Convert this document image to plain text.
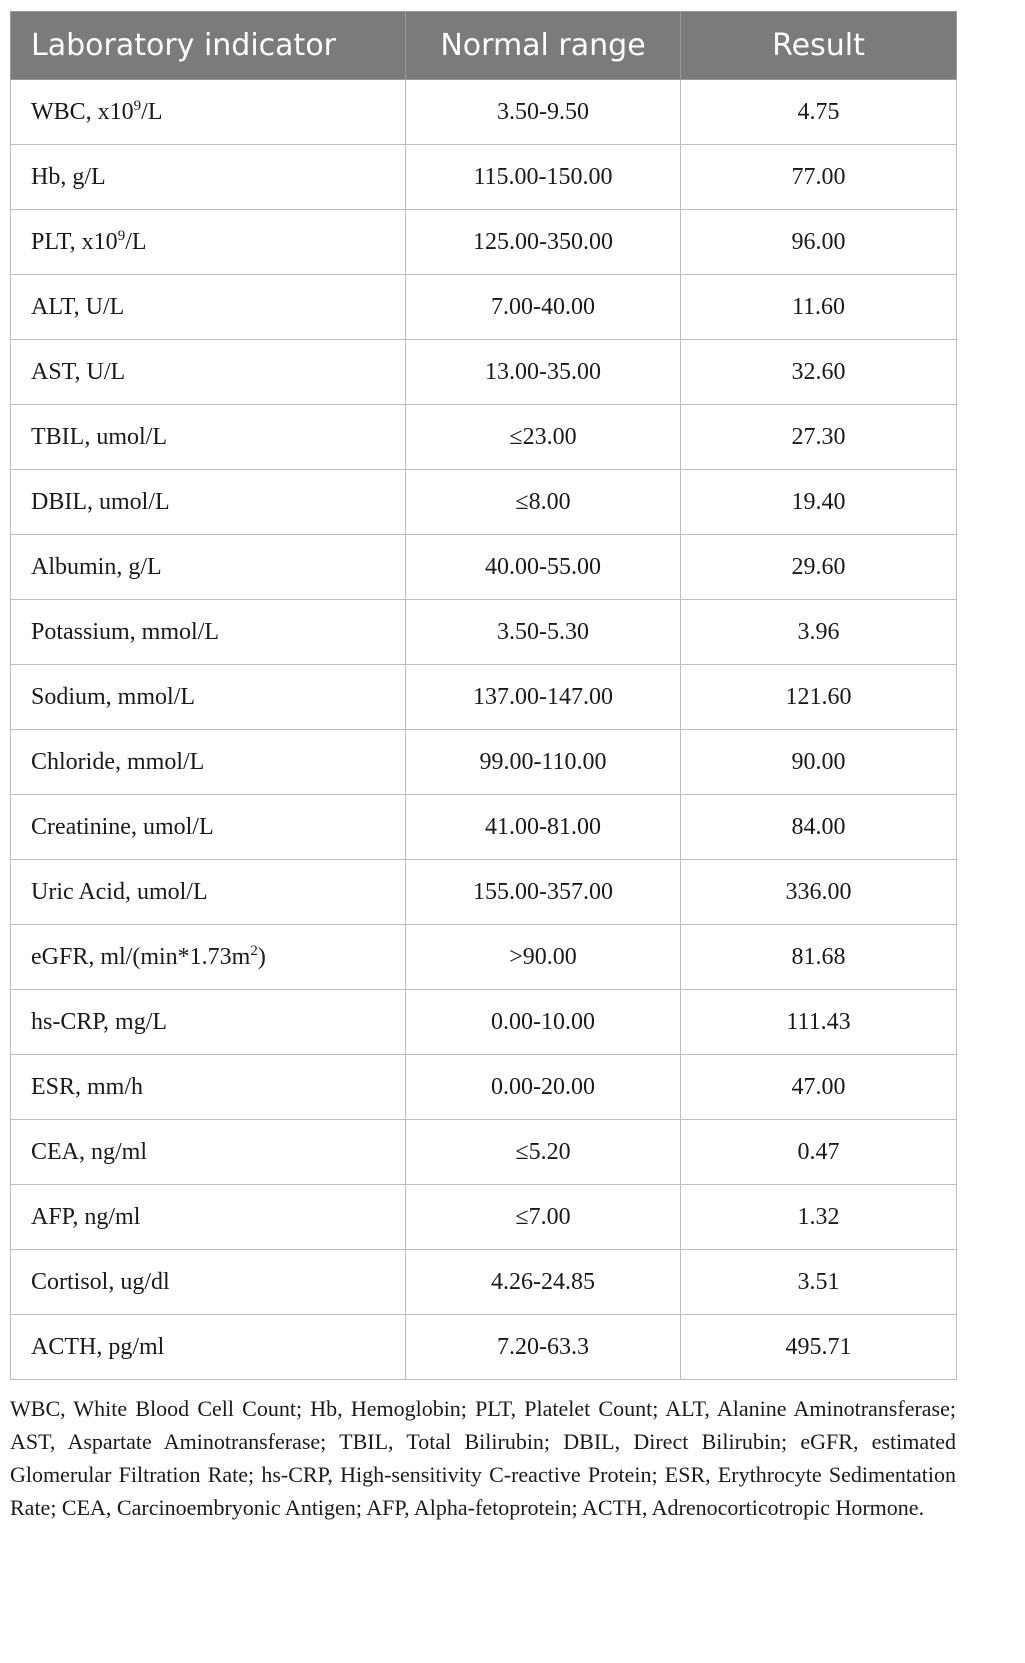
Laboratory indicator	Normal range	Result
WBC, $x10^9/L$	3.50-9.50	4.75
Hb, g/L	115.00-150.00	77.00
PLT, $x10^9/L$	125.00-350.00	96.00
ALT, U/L	7.00-40.00	11.60
AST, U/L	13.00-35.00	32.60
TBIL, umol/L	≤23.00	27.30
DBIL, umol/L	≤8.00	19.40
Albumin, g/L	40.00-55.00	29.60
Potassium, mmol/L	3.50-5.30	3.96
Sodium, mmol/L	137.00-147.00	121.60
Chloride, mmol/L	99.00-110.00	90.00
Creatinine, umol/L	41.00-81.00	84.00
Uric Acid, umol/L	155.00-357.00	336.00
eGFR, $ml/(\min*1.73m^2)$	>90.00	81.68
hs-CRP, mg/L	0.00-10.00	111.43
ESR, mm/h	0.00-20.00	47.00
CEA, ng/ml	≤5.20	0.47
AFP, ng/ml	≤7.00	1.32
Cortisol, ug/dl	4.26-24.85	3.51
ACTH, pg/ml	7.20-63.3	495.71
WBC, White Blood Cell Count; Hb, Hemoglobin; PLT, Platelet Count; ALT, Alanine Aminotransferase; AST, Aspartate Aminotransferase; TBIL, Total Bilirubin; DBIL, Direct Bilirubin; eGFR, estimated Glomerular Filtration Rate; hs-CRP, High-sensitivity C-reactive Protein; ESR, Erythrocyte Sedimentation Rate; CEA, Carcinoembryonic Antigen; AFP, Alpha-fetoprotein; ACTH, Adrenocorticotropic Hormone.
